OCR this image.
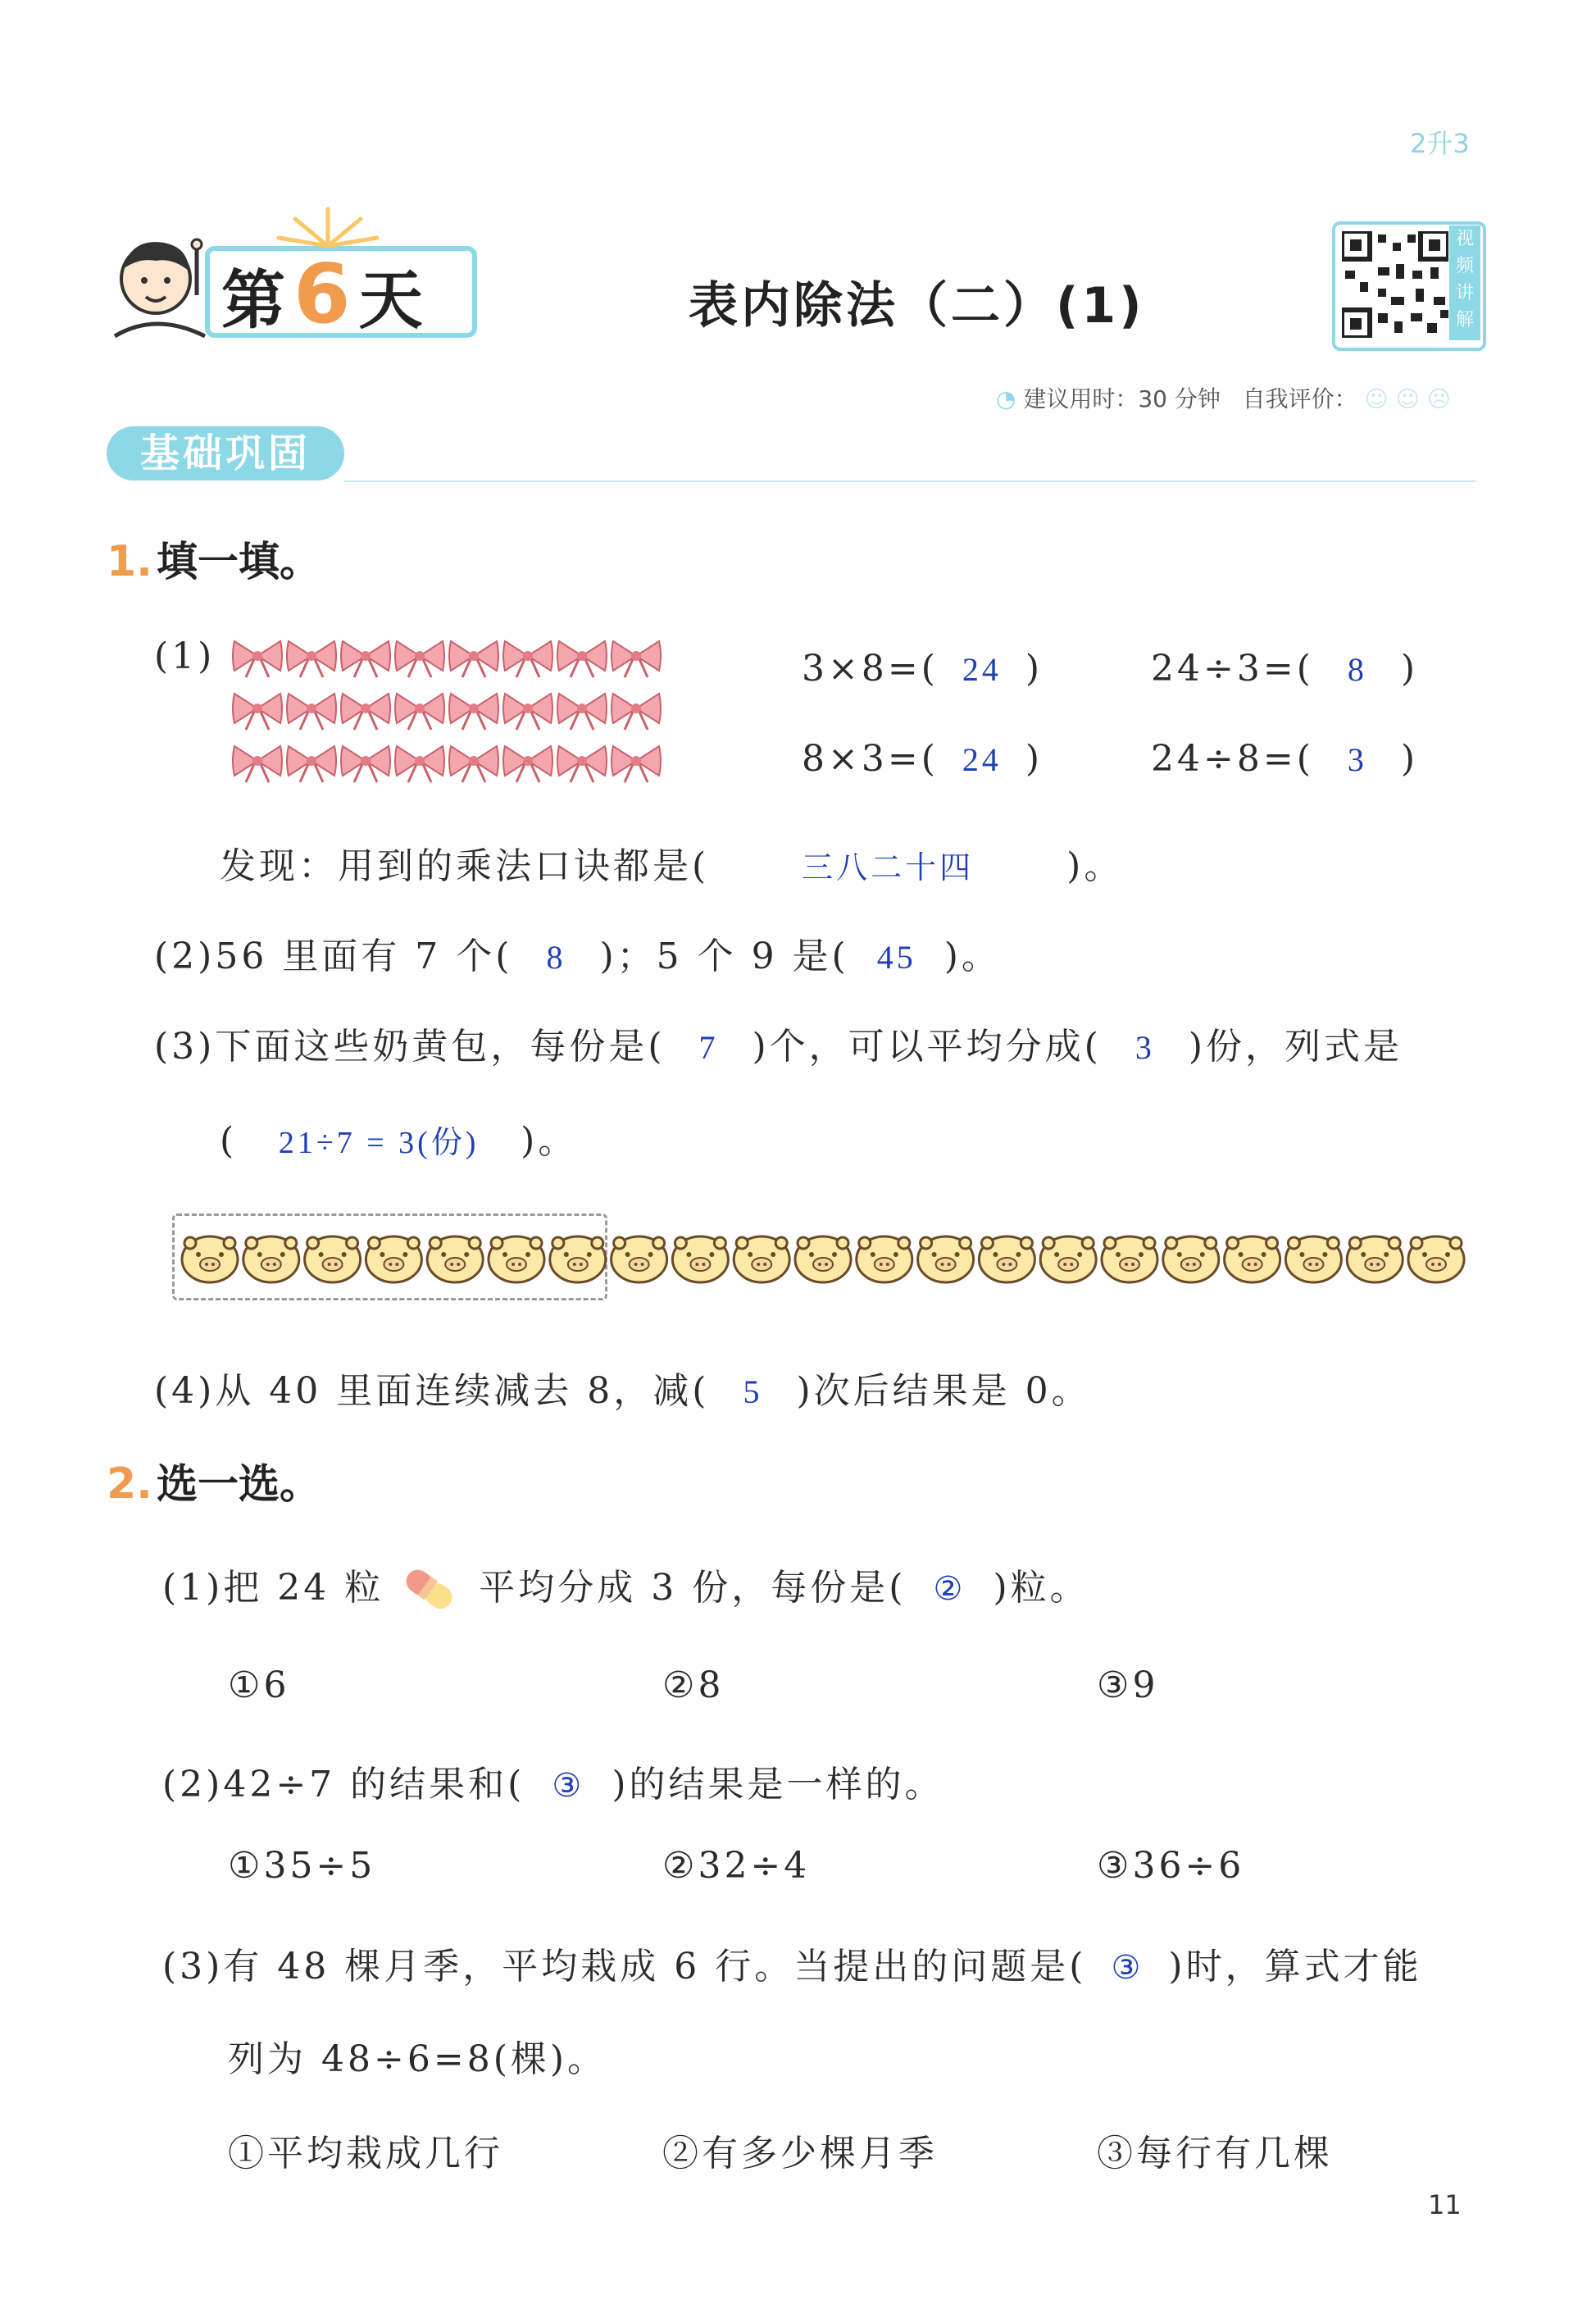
2升3
第6天	表内除法（二）(1)
视频讲解
◔ 建议用时：30 分钟 自我评价： ☺ ☺ ☹
基础巩固
1. 填一填。
(1)	3×8=( 24 )	24÷3=( 8 )
8×3=( 24 )	24÷8=( 3 )
发现：用到的乘法口诀都是(	三八二十四	)。
(2)56 里面有 7 个( 8 )；5 个 9 是( 45 )。
(3)下面这些奶黄包，每份是( 7 )个，可以平均分成( 3 )份，列式是
( 21÷7 = 3(份) )。
(4)从 40 里面连续减去 8，减( 5 )次后结果是 0。
2. 选一选。
(1)把 24 粒	平均分成 3 份，每份是( ② )粒。
①6	②8	③9
(2)42÷7 的结果和( ③ )的结果是一样的。
①35÷5	②32÷4	③36÷6
(3)有 48 棵月季，平均栽成 6 行。当提出的问题是( ③ )时，算式才能
列为 48÷6=8(棵)。
①平均栽成几行	②有多少棵月季	③每行有几棵
11
